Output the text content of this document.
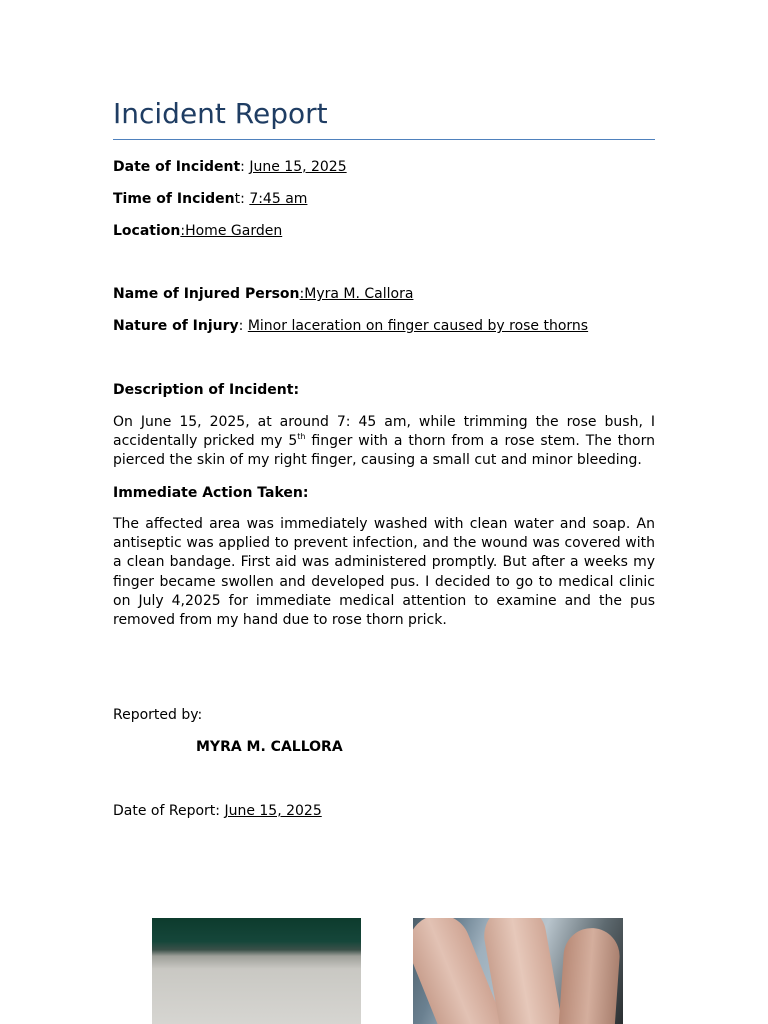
Incident Report
Date of Incident: June 15, 2025
Time of Incident: 7:45 am
Location:Home Garden
Name of Injured Person:Myra M. Callora
Nature of Injury: Minor laceration on finger caused by rose thorns
Description of Incident:

On June 15, 2025, at around 7: 45 am, while trimming the rose bush, I accidentally pricked my 5th finger with a thorn from a rose stem. The thorn pierced the skin of my right finger, causing a small cut and minor bleeding.

Immediate Action Taken:

The affected area was immediately washed with clean water and soap. An antiseptic was applied to prevent infection, and the wound was covered with a clean bandage. First aid was administered promptly. But after a weeks my finger became swollen and developed pus. I decided to go to medical clinic on July 4,2025 for immediate medical attention to examine and the pus removed from my hand due to rose thorn prick.

Reported by:
MYRA M. CALLORA
Date of Report: June 15, 2025
